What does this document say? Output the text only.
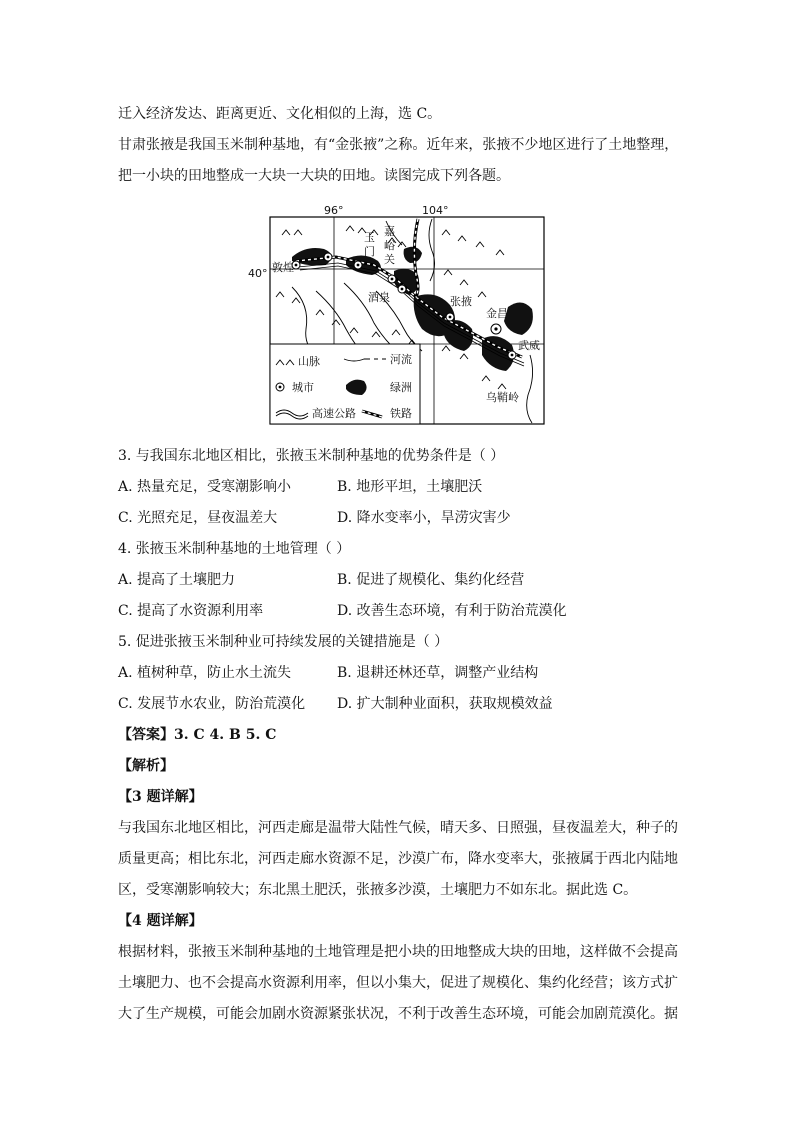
迁入经济发达、距离更近、文化相似的上海，选 C。
甘肃张掖是我国玉米制种基地，有“金张掖”之称。近年来，张掖不少地区进行了土地整理，
把一小块的田地整成一大块一大块的田地。读图完成下列各题。
96°	104°
40° 敦煌
玉
门
嘉
峪
关
酒泉	张掖
金昌
武威
乌鞘岭
山脉	河流
城市	绿洲
高速公路	铁路
3. 与我国东北地区相比，张掖玉米制种基地的优势条件是（ ）
A. 热量充足，受寒潮影响小	B. 地形平坦，土壤肥沃
C. 光照充足，昼夜温差大	D. 降水变率小，旱涝灾害少
4. 张掖玉米制种基地的土地管理（ ）
A. 提高了土壤肥力	B. 促进了规模化、集约化经营
C. 提高了水资源利用率	D. 改善生态环境，有利于防治荒漠化
5. 促进张掖玉米制种业可持续发展的关键措施是（ ）
A. 植树种草，防止水土流失	B. 退耕还林还草，调整产业结构
C. 发展节水农业，防治荒漠化 D. 扩大制种业面积，获取规模效益
【答案】3. C 4. B 5. C
【解析】
【3 题详解】
与我国东北地区相比，河西走廊是温带大陆性气候，晴天多、日照强，昼夜温差大，种子的
质量更高；相比东北，河西走廊水资源不足，沙漠广布，降水变率大，张掖属于西北内陆地
区，受寒潮影响较大；东北黑土肥沃，张掖多沙漠，土壤肥力不如东北。据此选 C。
【4 题详解】
根据材料，张掖玉米制种基地的土地管理是把小块的田地整成大块的田地，这样做不会提高
土壤肥力、也不会提高水资源利用率，但以小集大，促进了规模化、集约化经营；该方式扩
大了生产规模，可能会加剧水资源紧张状况，不利于改善生态环境，可能会加剧荒漠化。据
